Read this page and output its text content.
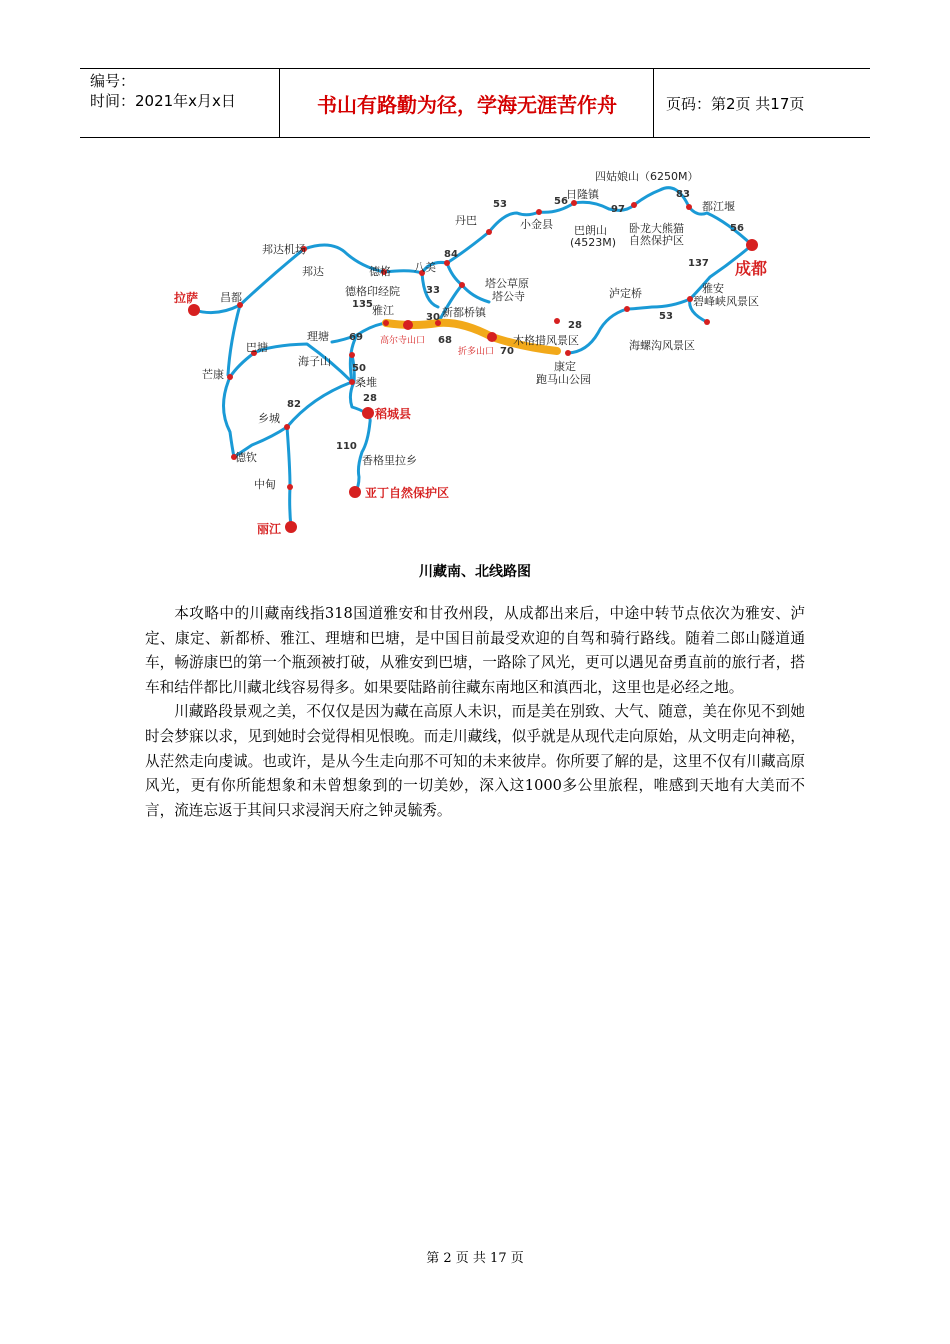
编号：
时间：2021年x月x日	书山有路勤为径，学海无涯苦作舟	页码：第2页 共17页
成都
拉萨
稻城县
亚丁自然保护区
丽江
四姑娘山（6250M）
日隆镇
都江堰
巴朗山
(4523M)
卧龙大熊猫
自然保护区
小金县
丹巴
八美
塔公草原
塔公寺
新都桥镇
雅江
德格
德格印经院
邦达机场
邦达
昌都
巴塘
理塘
海子山
芒康
桑堆
乡城
德钦
中甸
香格里拉乡
康定
跑马山公园
木格措风景区
泸定桥
海螺沟风景区
雅安
碧峰峡风景区
高尔寺山口
折多山口
53	56
97
83
56
84
33
135
30
68
70
28
137
53
69
50
28
82
110
川藏南、北线路图

本攻略中的川藏南线指318国道雅安和甘孜州段，从成都出来后，中途中转节点依次为雅安、泸定、康定、新都桥、雅江、理塘和巴塘，是中国目前最受欢迎的自驾和骑行路线。随着二郎山隧道通车，畅游康巴的第一个瓶颈被打破，从雅安到巴塘，一路除了风光，更可以遇见奋勇直前的旅行者，搭车和结伴都比川藏北线容易得多。如果要陆路前往藏东南地区和滇西北，这里也是必经之地。

川藏路段景观之美，不仅仅是因为藏在高原人未识，而是美在别致、大气、随意，美在你见不到她时会梦寐以求，见到她时会觉得相见恨晚。而走川藏线，似乎就是从现代走向原始，从文明走向神秘，从茫然走向虔诚。也或许，是从今生走向那不可知的未来彼岸。你所要了解的是，这里不仅有川藏高原风光，更有你所能想象和未曾想象到的一切美妙，深入这1000多公里旅程，唯感到天地有大美而不言，流连忘返于其间只求浸润天府之钟灵毓秀。

第 2 页 共 17 页
